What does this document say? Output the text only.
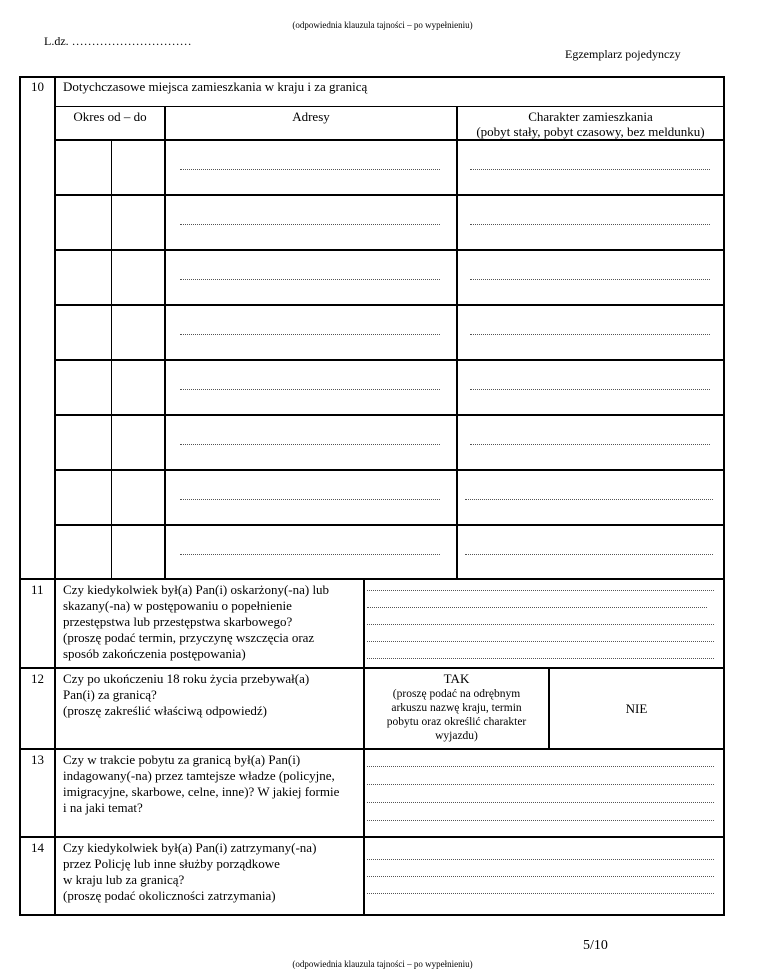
(odpowiednia klauzula tajności – po wypełnieniu)
L.dz. …………………………
Egzemplarz pojedynczy
10 Dotychczasowe miejsca zamieszkania w kraju i za granicą
Okres od – do	Adresy	Charakter zamieszkania
(pobyt stały, pobyt czasowy, bez meldunku)
11 Czy kiedykolwiek był(a) Pan(i) oskarżony(-na) lub
skazany(-na) w postępowaniu o popełnienie
przestępstwa lub przestępstwa skarbowego?
(proszę podać termin, przyczynę wszczęcia oraz
sposób zakończenia postępowania)
12 Czy po ukończeniu 18 roku życia przebywał(a)
Pan(i) za granicą?
(proszę zakreślić właściwą odpowiedź)
TAK
(proszę podać na odrębnym
arkuszu nazwę kraju, termin
pobytu oraz określić charakter
wyjazdu)
NIE
13 Czy w trakcie pobytu za granicą był(a) Pan(i)
indagowany(-na) przez tamtejsze władze (policyjne,
imigracyjne, skarbowe, celne, inne)? W jakiej formie
i na jaki temat?
14 Czy kiedykolwiek był(a) Pan(i) zatrzymany(-na)
przez Policję lub inne służby porządkowe
w kraju lub za granicą?
(proszę podać okoliczności zatrzymania)
5/10
(odpowiednia klauzula tajności – po wypełnieniu)
